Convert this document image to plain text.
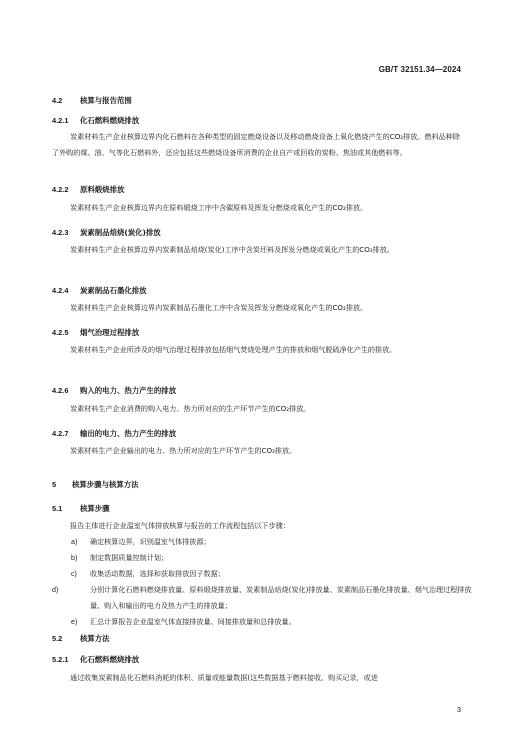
GB/T 32151.34—2024
4.2 核算与报告范围
4.2.1 化石燃料燃烧排放
炭素材料生产企业核算边界内化石燃料在各种类型的固定燃烧设备以及移动燃烧设备上氧化燃烧产生的CO₂排放。燃料品种除了外购的煤、油、气等化石燃料外，还应包括这些燃烧设备所消费的企业自产或回收的炭粉、焦油或其他燃料等。
4.2.2 原料煅烧排放
炭素材料生产企业核算边界内在原料煅烧工序中含碳原料及挥发分燃烧或氧化产生的CO₂排放。
4.2.3 炭素制品焙烧(炭化)排放
炭素材料生产企业核算边界内炭素制品焙烧(炭化)工序中含炭坯料及挥发分燃烧或氧化产生的CO₂排放。
4.2.4 炭素制品石墨化排放
炭素材料生产企业核算边界内炭素制品石墨化工序中含炭及挥发分燃烧或氧化产生的CO₂排放。
4.2.5 烟气治理过程排放
炭素材料生产企业所涉及的烟气治理过程排放包括烟气焚烧处理产生的排放和烟气脱硫净化产生的排放。
4.2.6 购入的电力、热力产生的排放
炭素材料生产企业消费的购入电力、热力所对应的生产环节产生的CO₂排放。
4.2.7 输出的电力、热力产生的排放
炭素材料生产企业输出的电力、热力所对应的生产环节产生的CO₂排放。
5 核算步骤与核算方法
5.1 核算步骤
报告主体进行企业温室气体排放核算与报告的工作流程包括以下步骤：
a) 确定核算边界，识别温室气体排放源；
b) 制定数据质量控制计划；
c) 收集活动数据，选择和获取排放因子数据；
d)	分别计算化石燃料燃烧排放量、原料煅烧排放量、炭素制品焙烧(炭化)排放量、炭素制品石墨化排放量、烟气治理过程排放量、购入和输出的电力及热力产生的排放量；
e) 汇总计算报告企业温室气体直接排放量、间接排放量和总排放量。
5.2 核算方法
5.2.1 化石燃料燃烧排放
通过收集炭素制品化石燃料消耗的体积、质量或能量数据(这些数据基于燃料接收、购买记录，或进
3
